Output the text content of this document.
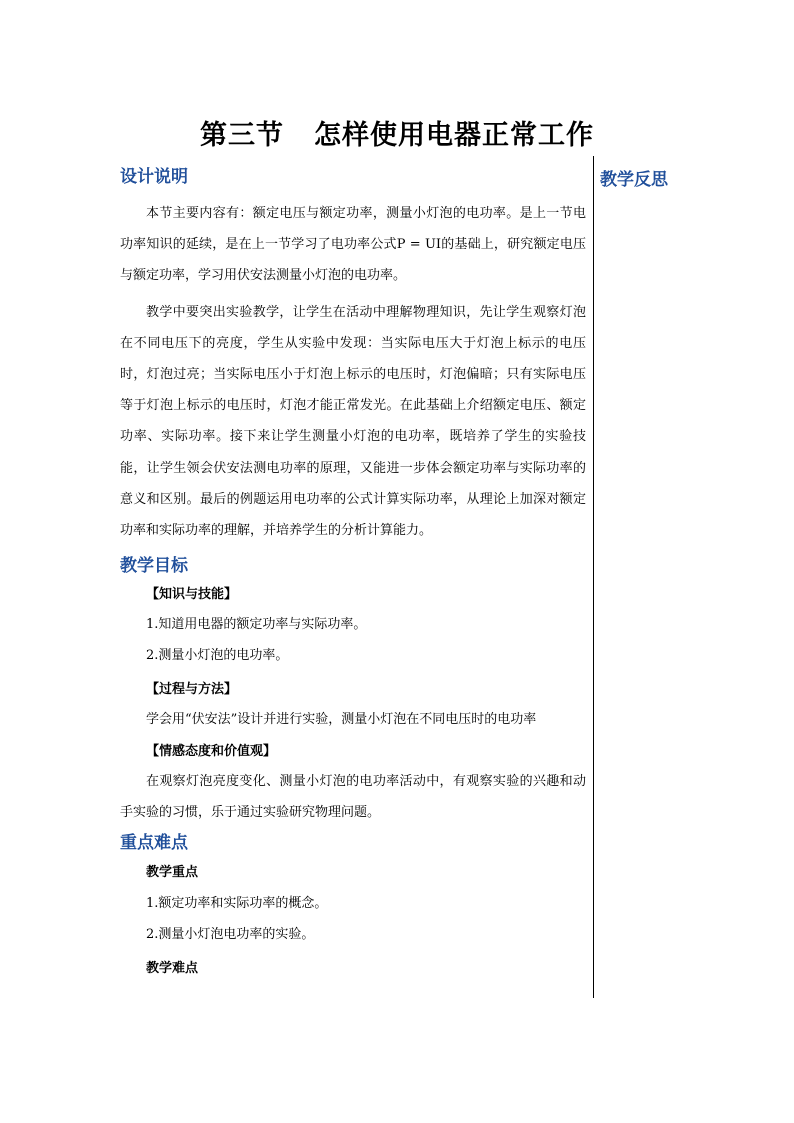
第三节 怎样使用电器正常工作
教学反思
设计说明

本节主要内容有：额定电压与额定功率，测量小灯泡的电功率。是上一节电功率知识的延续，是在上一节学习了电功率公式P = UI的基础上，研究额定电压与额定功率，学习用伏安法测量小灯泡的电功率。

教学中要突出实验教学，让学生在活动中理解物理知识，先让学生观察灯泡在不同电压下的亮度，学生从实验中发现：当实际电压大于灯泡上标示的电压时，灯泡过亮；当实际电压小于灯泡上标示的电压时，灯泡偏暗；只有实际电压等于灯泡上标示的电压时，灯泡才能正常发光。在此基础上介绍额定电压、额定功率、实际功率。接下来让学生测量小灯泡的电功率，既培养了学生的实验技能，让学生领会伏安法测电功率的原理，又能进一步体会额定功率与实际功率的意义和区别。最后的例题运用电功率的公式计算实际功率，从理论上加深对额定功率和实际功率的理解，并培养学生的分析计算能力。

教学目标

【知识与技能】

1.知道用电器的额定功率与实际功率。

2.测量小灯泡的电功率。

【过程与方法】

学会用“伏安法”设计并进行实验，测量小灯泡在不同电压时的电功率

【情感态度和价值观】

在观察灯泡亮度变化、测量小灯泡的电功率活动中，有观察实验的兴趣和动手实验的习惯，乐于通过实验研究物理问题。

重点难点

教学重点

1.额定功率和实际功率的概念。

2.测量小灯泡电功率的实验。

教学难点
